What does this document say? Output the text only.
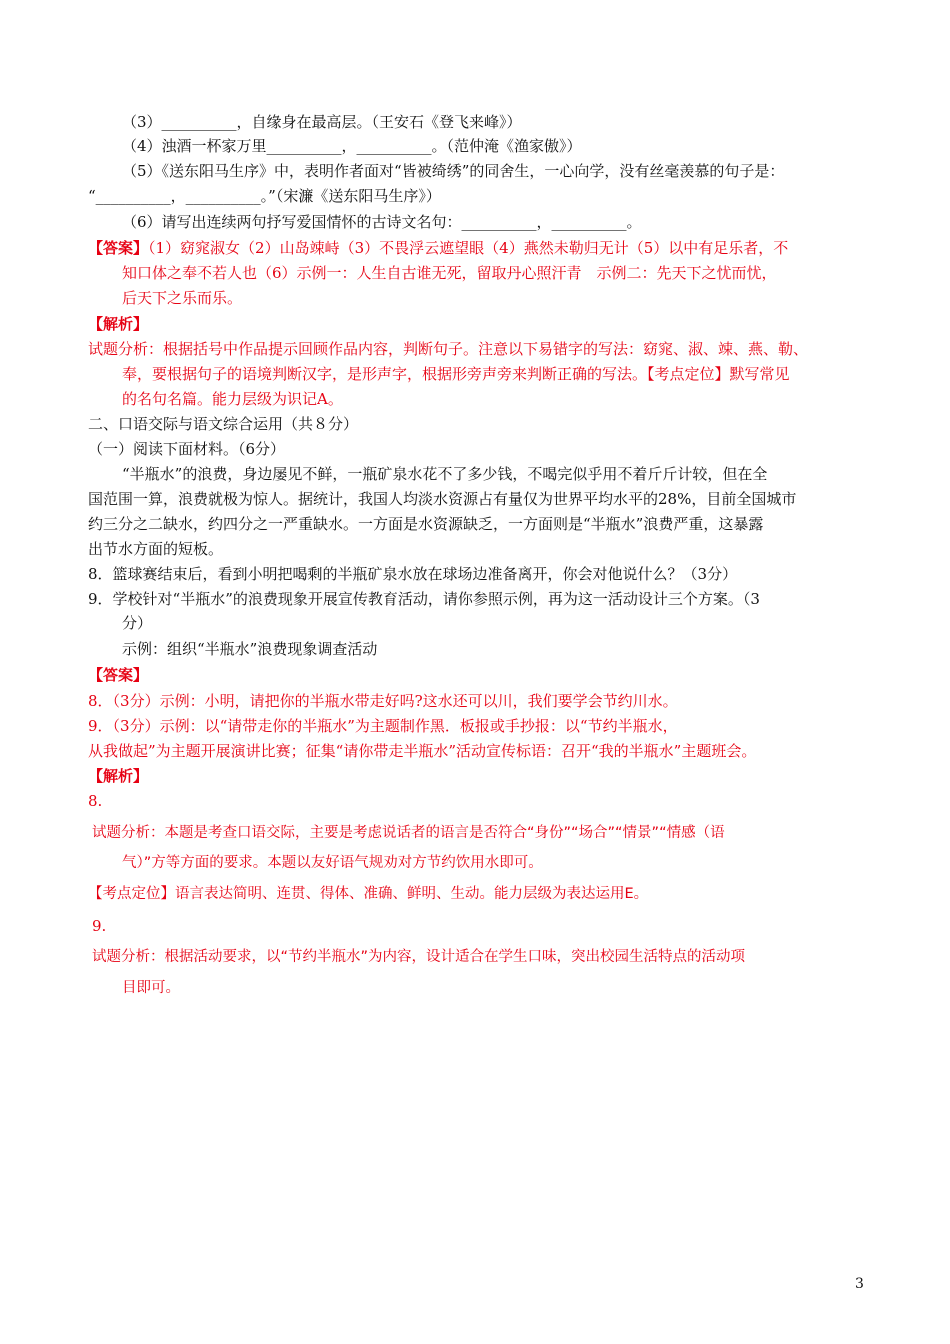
（3）__________，自缘身在最高层。（王安石《登飞来峰》）
（4）浊酒一杯家万里__________，__________。（范仲淹《渔家傲》）
（5）《送东阳马生序》中，表明作者面对“皆被绮绣”的同舍生，一心向学，没有丝毫羡慕的句子是：
“__________，__________。”（宋濂《送东阳马生序》）
（6）请写出连续两句抒写爱国情怀的古诗文名句：__________，__________。
【答案】（1）窈窕淑女（2）山岛竦峙（3）不畏浮云遮望眼（4）燕然未勒归无计（5）以中有足乐者，不
知口体之奉不若人也（6）示例一：人生自古谁无死，留取丹心照汗青　示例二：先天下之忧而忧，
后天下之乐而乐。
【解析】
试题分析：根据括号中作品提示回顾作品内容，判断句子。注意以下易错字的写法：窈窕、淑、竦、燕、勒、
奉，要根据句子的语境判断汉字，是形声字，根据形旁声旁来判断正确的写法。【考点定位】默写常见
的名句名篇。能力层级为识记A。
二、口语交际与语文综合运用（共８分）
（一）阅读下面材料。（6分）
“半瓶水”的浪费，身边屡见不鲜，一瓶矿泉水花不了多少钱，不喝完似乎用不着斤斤计较，但在全
国范围一算，浪费就极为惊人。据统计，我国人均淡水资源占有量仅为世界平均水平的28%，目前全国城市
约三分之二缺水，约四分之一严重缺水。一方面是水资源缺乏，一方面则是“半瓶水”浪费严重，这暴露
出节水方面的短板。
8．篮球赛结束后，看到小明把喝剩的半瓶矿泉水放在球场边准备离开，你会对他说什么？（3分）
9．学校针对“半瓶水”的浪费现象开展宣传教育活动，请你参照示例，再为这一活动设计三个方案。（3
分）
示例：组织“半瓶水”浪费现象调查活动
【答案】
8．（3分）示例：小明，请把你的半瓶水带走好吗?这水还可以川，我们要学会节约川水。
9．（3分）示例：以“请带走你的半瓶水”为主题制作黑．板报或手抄报：以“节约半瓶水，
从我做起”为主题开展演讲比赛；征集“请你带走半瓶水”活动宣传标语：召开“我的半瓶水”主题班会。
【解析】
8.
试题分析：本题是考查口语交际，主要是考虑说话者的语言是否符合“身份”“场合”“情景”“情感（语
气）”方等方面的要求。本题以友好语气规劝对方节约饮用水即可。
【考点定位】语言表达简明、连贯、得体、准确、鲜明、生动。能力层级为表达运用E。
9.
试题分析：根据活动要求，以“节约半瓶水”为内容，设计适合在学生口味，突出校园生活特点的活动项
目即可。
3
